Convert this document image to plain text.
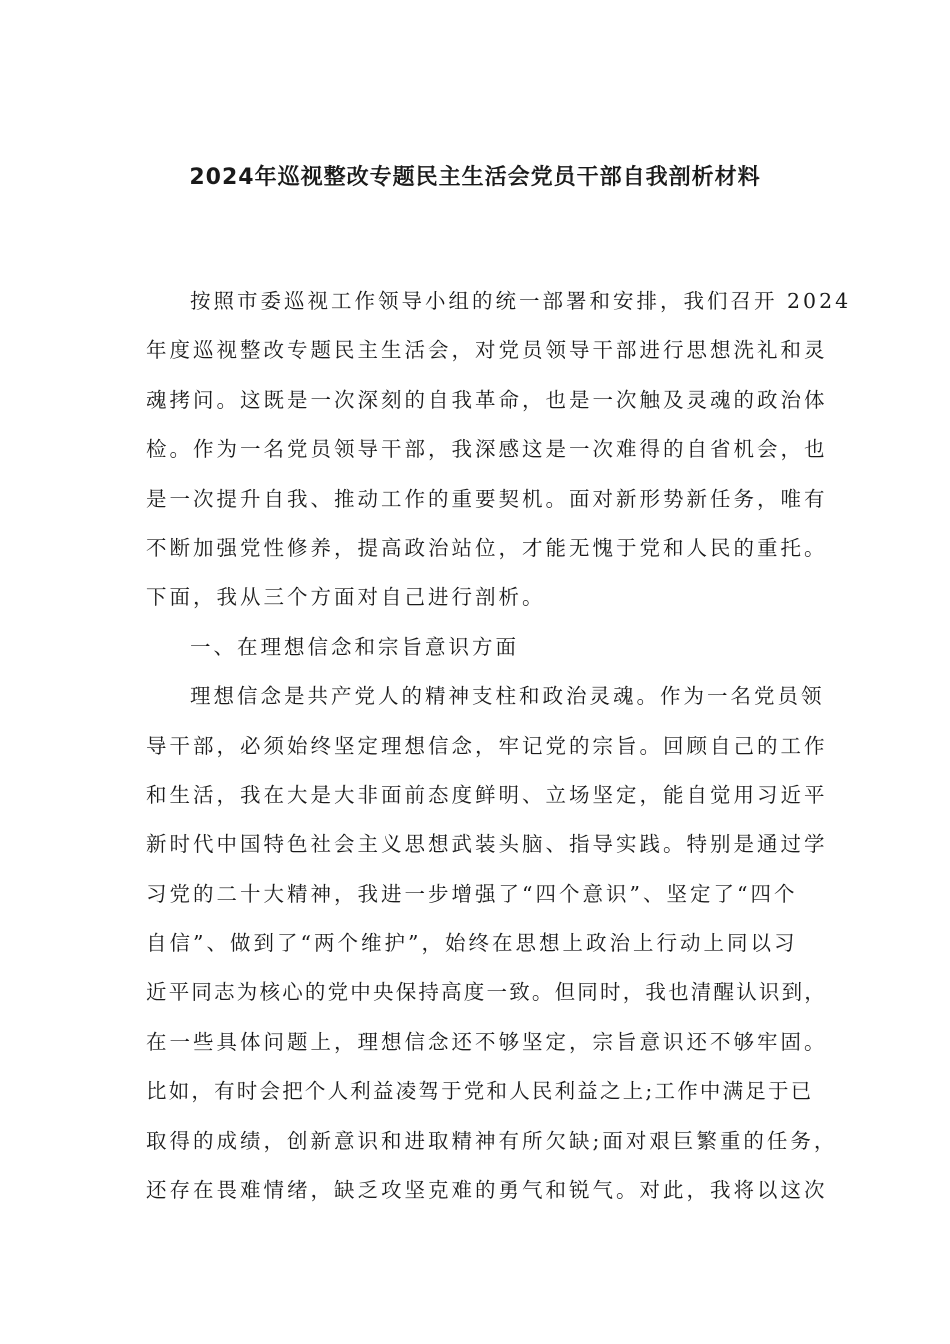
2024年巡视整改专题民主生活会党员干部自我剖析材料
按照市委巡视工作领导小组的统一部署和安排，我们召开 2024
年度巡视整改专题民主生活会，对党员领导干部进行思想洗礼和灵
魂拷问。这既是一次深刻的自我革命，也是一次触及灵魂的政治体
检。作为一名党员领导干部，我深感这是一次难得的自省机会，也
是一次提升自我、推动工作的重要契机。面对新形势新任务，唯有
不断加强党性修养，提高政治站位，才能无愧于党和人民的重托。
下面，我从三个方面对自己进行剖析。
一、在理想信念和宗旨意识方面
理想信念是共产党人的精神支柱和政治灵魂。作为一名党员领
导干部，必须始终坚定理想信念，牢记党的宗旨。回顾自己的工作
和生活，我在大是大非面前态度鲜明、立场坚定，能自觉用习近平
新时代中国特色社会主义思想武装头脑、指导实践。特别是通过学
习党的二十大精神，我进一步增强了“四个意识”、坚定了“四个
自信”、做到了“两个维护”，始终在思想上政治上行动上同以习
近平同志为核心的党中央保持高度一致。但同时，我也清醒认识到，
在一些具体问题上，理想信念还不够坚定，宗旨意识还不够牢固。
比如，有时会把个人利益凌驾于党和人民利益之上;工作中满足于已
取得的成绩，创新意识和进取精神有所欠缺;面对艰巨繁重的任务，
还存在畏难情绪，缺乏攻坚克难的勇气和锐气。对此，我将以这次
